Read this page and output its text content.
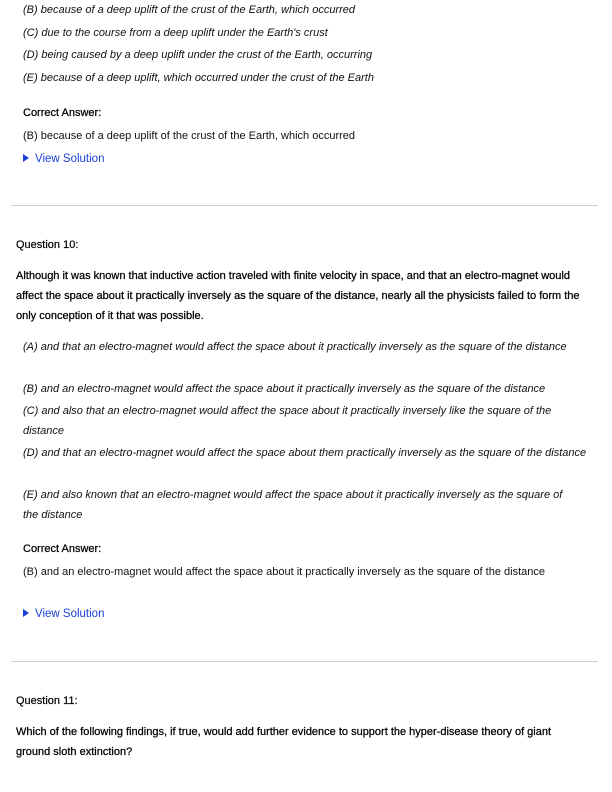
(B) because of a deep uplift of the crust of the Earth, which occurred
(C) due to the course from a deep uplift under the Earth's crust
(D) being caused by a deep uplift under the crust of the Earth, occurring
(E) because of a deep uplift, which occurred under the crust of the Earth
Correct Answer:
(B) because of a deep uplift of the crust of the Earth, which occurred
View Solution
Question 10:
Although it was known that inductive action traveled with finite velocity in space, and that an electro-magnet would affect the space about it practically inversely as the square of the distance, nearly all the physicists failed to form the only conception of it that was possible.
(A) and that an electro-magnet would affect the space about it practically inversely as the square of the distance
(B) and an electro-magnet would affect the space about it practically inversely as the square of the distance
(C) and also that an electro-magnet would affect the space about it practically inversely like the square of the distance
(D) and that an electro-magnet would affect the space about them practically inversely as the square of the distance
(E) and also known that an electro-magnet would affect the space about it practically inversely as the square of the distance
Correct Answer:
(B) and an electro-magnet would affect the space about it practically inversely as the square of the distance
View Solution
Question 11:
Which of the following findings, if true, would add further evidence to support the hyper-disease theory of giant ground sloth extinction?
